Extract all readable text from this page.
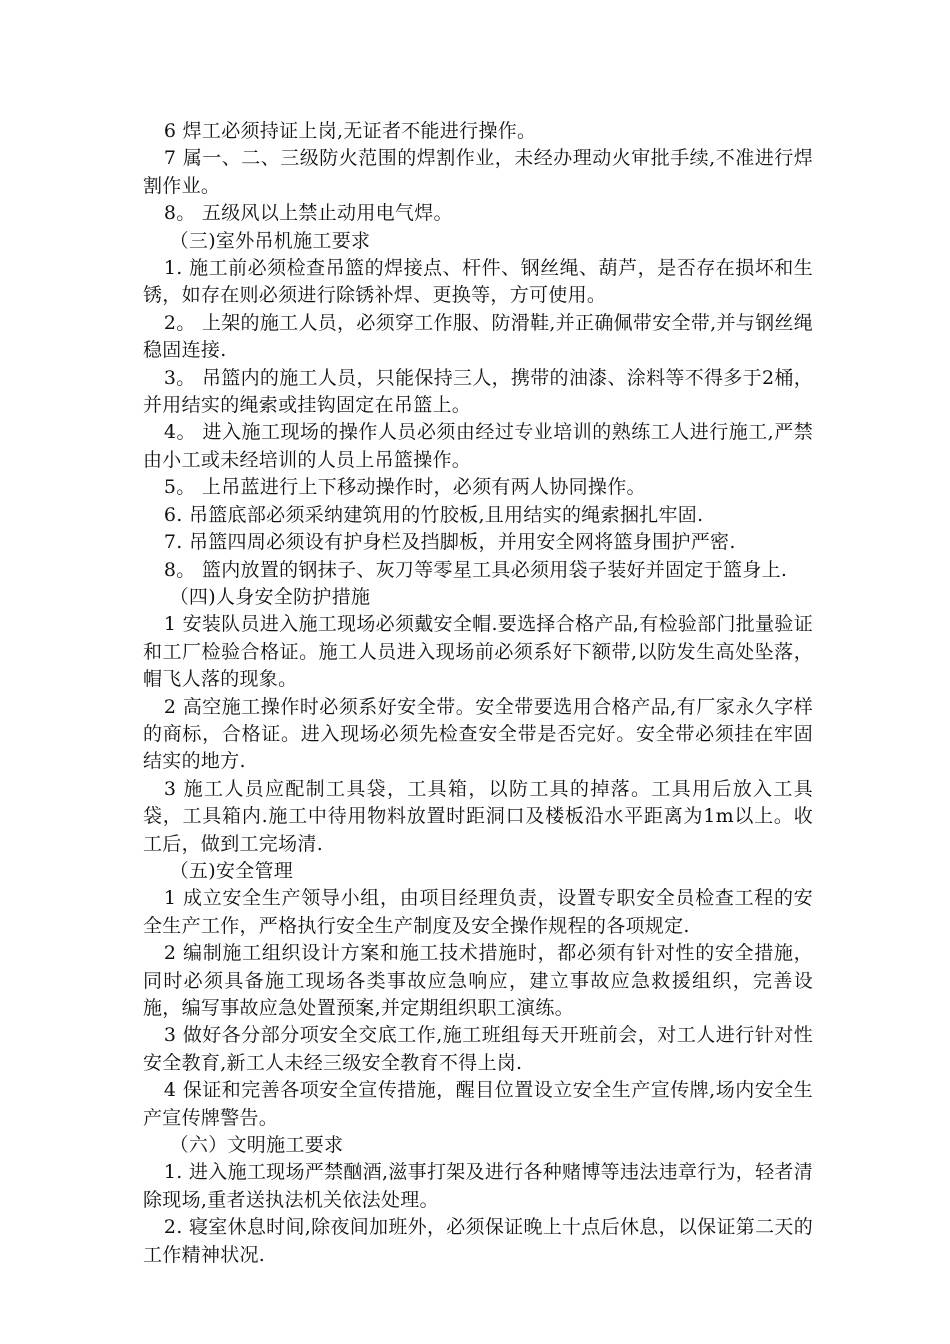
6 焊工必须持证上岗,无证者不能进行操作。

7 属一、二、三级防火范围的焊割作业，未经办理动火审批手续,不准进行焊割作业。

8。 五级风以上禁止动用电气焊。

（三)室外吊机施工要求

1. 施工前必须检查吊篮的焊接点、杆件、钢丝绳、葫芦，是否存在损坏和生锈，如存在则必须进行除锈补焊、更换等，方可使用。

2。 上架的施工人员，必须穿工作服、防滑鞋,并正确佩带安全带,并与钢丝绳稳固连接.

3。 吊篮内的施工人员，只能保持三人，携带的油漆、涂料等不得多于2桶，并用结实的绳索或挂钩固定在吊篮上。

4。 进入施工现场的操作人员必须由经过专业培训的熟练工人进行施工,严禁由小工或未经培训的人员上吊篮操作。

5。 上吊蓝进行上下移动操作时，必须有两人协同操作。

6. 吊篮底部必须采纳建筑用的竹胶板,且用结实的绳索捆扎牢固.

7. 吊篮四周必须设有护身栏及挡脚板，并用安全网将篮身围护严密.

8。 篮内放置的钢抹子、灰刀等零星工具必须用袋子装好并固定于篮身上.

（四)人身安全防护措施

1 安装队员进入施工现场必须戴安全帽.要选择合格产品,有检验部门批量验证和工厂检验合格证。施工人员进入现场前必须系好下额带,以防发生高处坠落，帽飞人落的现象。

2 高空施工操作时必须系好安全带。安全带要选用合格产品,有厂家永久字样的商标，合格证。进入现场必须先检查安全带是否完好。安全带必须挂在牢固结实的地方.

3 施工人员应配制工具袋，工具箱，以防工具的掉落。工具用后放入工具袋，工具箱内.施工中待用物料放置时距洞口及楼板沿水平距离为1m以上。收工后，做到工完场清.

（五)安全管理

1 成立安全生产领导小组，由项目经理负责，设置专职安全员检查工程的安全生产工作，严格执行安全生产制度及安全操作规程的各项规定.

2 编制施工组织设计方案和施工技术措施时，都必须有针对性的安全措施，同时必须具备施工现场各类事故应急响应，建立事故应急救援组织，完善设施，编写事故应急处置预案,并定期组织职工演练。

3 做好各分部分项安全交底工作,施工班组每天开班前会，对工人进行针对性安全教育,新工人未经三级安全教育不得上岗.

4 保证和完善各项安全宣传措施，醒目位置设立安全生产宣传牌,场内安全生产宣传牌警告。

（六）文明施工要求

1. 进入施工现场严禁酗酒,滋事打架及进行各种赌博等违法违章行为，轻者清除现场,重者送执法机关依法处理。

2. 寝室休息时间,除夜间加班外，必须保证晚上十点后休息，以保证第二天的工作精神状况.
